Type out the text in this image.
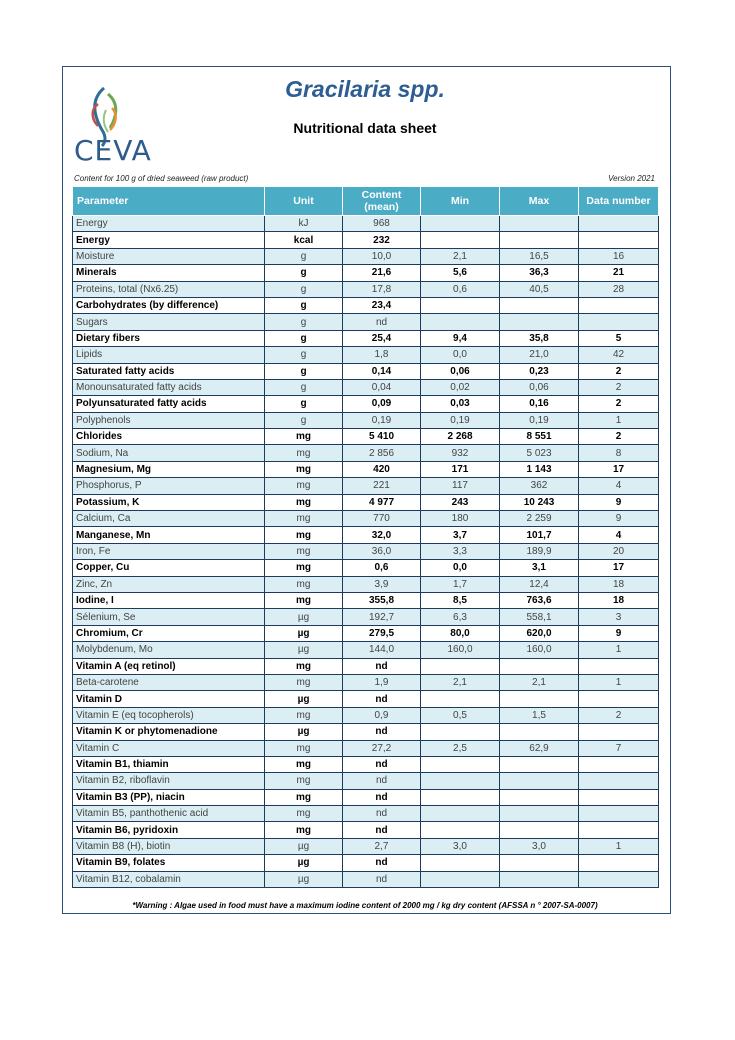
CEVA
Gracilaria spp.
Nutritional data sheet
Content for 100 g of dried seaweed (raw product)	Version 2021
Parameter	Unit	Content (mean)	Min	Max	Data number
Energy	kJ	968			
Energy	kcal	232			
Moisture	g	10,0	2,1	16,5	16
Minerals	g	21,6	5,6	36,3	21
Proteins, total (Nx6.25)	g	17,8	0,6	40,5	28
Carbohydrates (by difference)	g	23,4			
Sugars	g	nd			
Dietary fibers	g	25,4	9,4	35,8	5
Lipids	g	1,8	0,0	21,0	42
Saturated fatty acids	g	0,14	0,06	0,23	2
Monounsaturated fatty acids	g	0,04	0,02	0,06	2
Polyunsaturated fatty acids	g	0,09	0,03	0,16	2
Polyphenols	g	0,19	0,19	0,19	1
Chlorides	mg	5 410	2 268	8 551	2
Sodium, Na	mg	2 856	932	5 023	8
Magnesium, Mg	mg	420	171	1 143	17
Phosphorus, P	mg	221	117	362	4
Potassium, K	mg	4 977	243	10 243	9
Calcium, Ca	mg	770	180	2 259	9
Manganese, Mn	mg	32,0	3,7	101,7	4
Iron, Fe	mg	36,0	3,3	189,9	20
Copper, Cu	mg	0,6	0,0	3,1	17
Zinc, Zn	mg	3,9	1,7	12,4	18
Iodine, I	mg	355,8	8,5	763,6	18
Sélenium, Se	µg	192,7	6,3	558,1	3
Chromium, Cr	µg	279,5	80,0	620,0	9
Molybdenum, Mo	µg	144,0	160,0	160,0	1
Vitamin A (eq retinol)	mg	nd			
Beta-carotene	mg	1,9	2,1	2,1	1
Vitamin D	µg	nd			
Vitamin E (eq tocopherols)	mg	0,9	0,5	1,5	2
Vitamin K or phytomenadione	µg	nd			
Vitamin C	mg	27,2	2,5	62,9	7
Vitamin B1, thiamin	mg	nd			
Vitamin B2, riboflavin	mg	nd			
Vitamin B3 (PP), niacin	mg	nd			
Vitamin B5, panthothenic acid	mg	nd			
Vitamin B6, pyridoxin	mg	nd			
Vitamin B8 (H), biotin	µg	2,7	3,0	3,0	1
Vitamin B9, folates	µg	nd			
Vitamin B12, cobalamin	µg	nd			
*Warning : Algae used in food must have a maximum iodine content of 2000 mg / kg dry content (AFSSA n ° 2007-SA-0007)
